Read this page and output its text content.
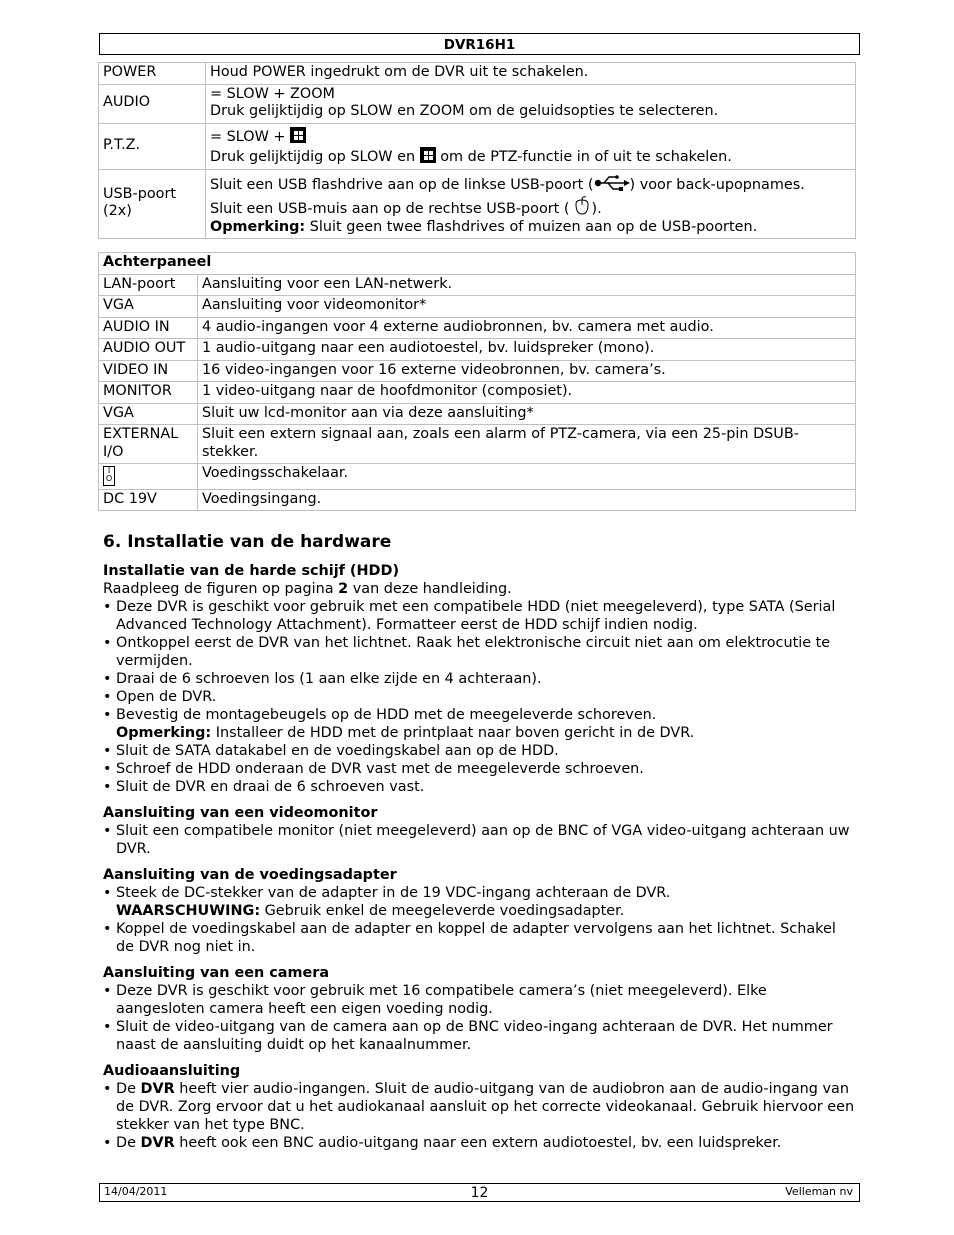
DVR16H1
POWER	Houd POWER ingedrukt om de DVR uit te schakelen.
AUDIO	= SLOW + ZOOM
Druk gelijktijdig op SLOW en ZOOM om de geluidsopties te selecteren.

P.T.Z.	= SLOW +
Druk gelijktijdig op SLOW en
om de PTZ-functie in of uit te schakelen.

USB-poort (2x)	Sluit een USB flashdrive aan op de linkse USB-poort ( ) voor back-upopnames.
Sluit een USB-muis aan op de rechtse USB-poort ( ).
Opmerking: Sluit geen twee flashdrives of muizen aan op de USB-poorten.
Achterpaneel	
LAN-poort	Aansluiting voor een LAN-netwerk.
VGA	Aansluiting voor videomonitor*
AUDIO IN	4 audio-ingangen voor 4 externe audiobronnen, bv. camera met audio.
AUDIO OUT	1 audio-uitgang naar een audiotoestel, bv. luidspreker (mono).
VIDEO IN	16 video-ingangen voor 16 externe videobronnen, bv. camera’s.
MONITOR	1 video-uitgang naar de hoofdmonitor (composiet).
VGA	Sluit uw lcd-monitor aan via deze aansluiting*
EXTERNAL I/O	Sluit een extern signaal aan, zoals een alarm of PTZ-camera, via een 25-pin DSUB-stekker.
I
O	Voedingsschakelaar.
DC 19V	Voedingsingang.
6. Installatie van de hardware
Installatie van de harde schijf (HDD)

Raadpleeg de figuren op pagina 2 van deze handleiding.

• Deze DVR is geschikt voor gebruik met een compatibele HDD (niet meegeleverd), type SATA (Serial Advanced Technology Attachment). Formatteer eerst de HDD schijf indien nodig.
• Ontkoppel eerst de DVR van het lichtnet. Raak het elektronische circuit niet aan om elektrocutie te vermijden.
• Draai de 6 schroeven los (1 aan elke zijde en 4 achteraan).
• Open de DVR.
• Bevestig de montagebeugels op de HDD met de meegeleverde schoreven.
Opmerking: Installeer de HDD met de printplaat naar boven gericht in de DVR.
• Sluit de SATA datakabel en de voedingskabel aan op de HDD.
• Schroef de HDD onderaan de DVR vast met de meegeleverde schroeven.
• Sluit de DVR en draai de 6 schroeven vast.
Aansluiting van een videomonitor
• Sluit een compatibele monitor (niet meegeleverd) aan op de BNC of VGA video-uitgang achteraan uw DVR.
Aansluiting van de voedingsadapter
• Steek de DC-stekker van de adapter in de 19 VDC-ingang achteraan de DVR.
WAARSCHUWING: Gebruik enkel de meegeleverde voedingsadapter.
• Koppel de voedingskabel aan de adapter en koppel de adapter vervolgens aan het lichtnet. Schakel de DVR nog niet in.
Aansluiting van een camera
• Deze DVR is geschikt voor gebruik met 16 compatibele camera’s (niet meegeleverd). Elke aangesloten camera heeft een eigen voeding nodig.
• Sluit de video-uitgang van de camera aan op de BNC video-ingang achteraan de DVR. Het nummer naast de aansluiting duidt op het kanaalnummer.
Audioaansluiting
• De DVR heeft vier audio-ingangen. Sluit de audio-uitgang van de audiobron aan de audio-ingang van de DVR. Zorg ervoor dat u het audiokanaal aansluit op het correcte videokanaal. Gebruik hiervoor een stekker van het type BNC.
• De DVR heeft ook een BNC audio-uitgang naar een extern audiotoestel, bv. een luidspreker.
14/04/2011	12	Velleman nv
